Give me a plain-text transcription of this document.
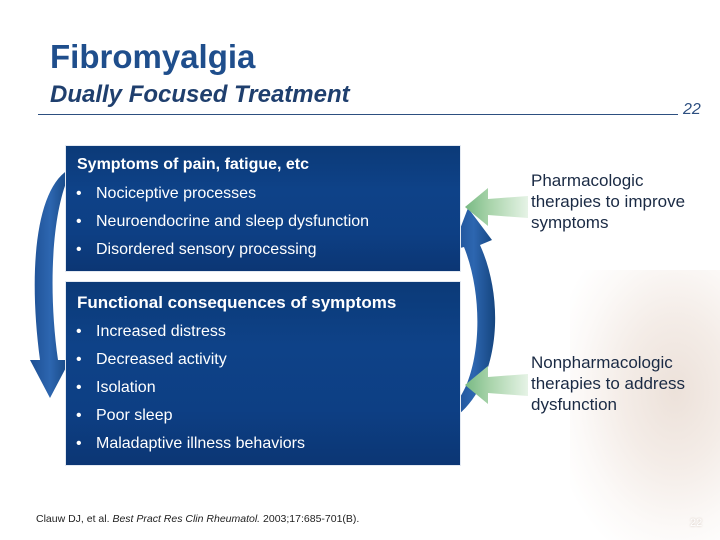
Fibromyalgia
Dually Focused Treatment
22
Symptoms of pain, fatigue, etc
• Nociceptive processes
• Neuroendocrine and sleep dysfunction
• Disordered sensory processing
Functional consequences of symptoms
• Increased distress
• Decreased activity
• Isolation
• Poor sleep
• Maladaptive illness behaviors

Pharmacologic therapies to improve symptoms

Nonpharmacologic therapies to address dysfunction

Clauw DJ, et al. Best Pract Res Clin Rheumatol. 2003;17:685-701(B).	22
